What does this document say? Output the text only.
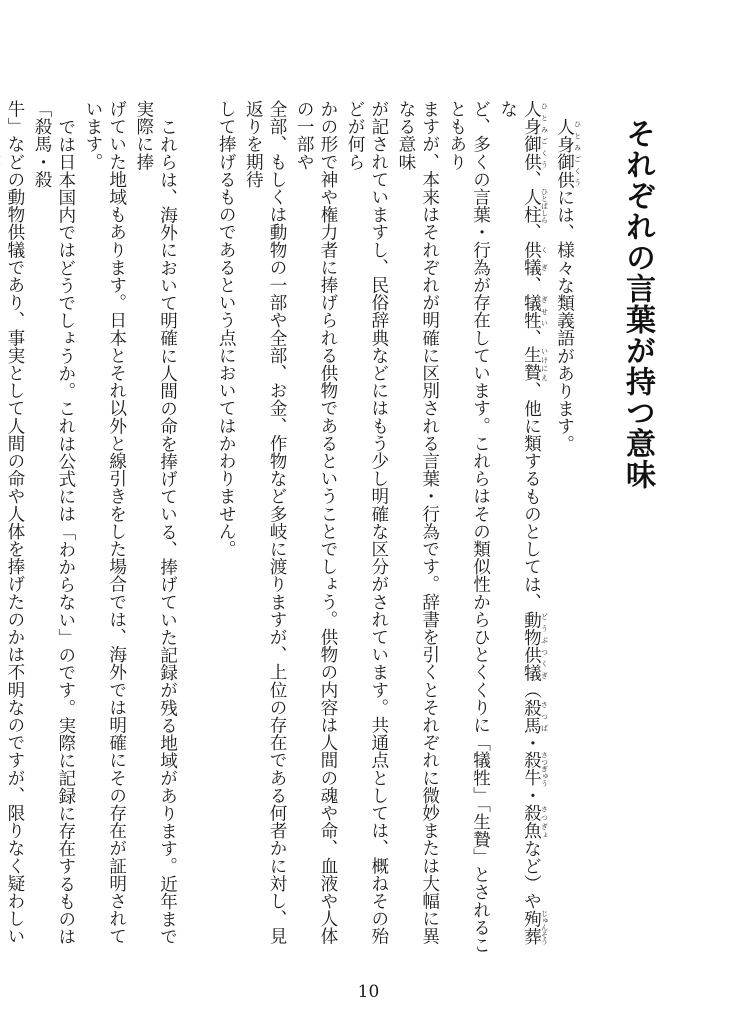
それぞれの言葉が持つ意味
人身御供 ひとみごくうには、様々な類義語があります。
人身御供 ひとみごくう、人柱 ひとばしら、供犠 くぎ、犠牲 ぎせい、生贄 いけにえ、他に類するものとしては、動物供犠 どうぶつくぎ（殺馬 さつば・殺牛 さつぎゅう・殺魚 さつぎょなど）や殉葬 じゅんそうな
ど、多くの言葉・行為が存在しています。これらはその類似性からひとくくりに「犠牲」「生贄」とされることもあり
ますが、本来はそれぞれが明確に区別される言葉・行為です。辞書を引くとそれぞれに微妙または大幅に異なる意味
が記されていますし、民俗辞典などにはもう少し明確な区分がされています。共通点としては、概ねその殆どが何ら
かの形で神や権力者に捧げられる供物であるということでしょう。供物の内容は人間の魂や命、血液や人体の一部や
全部、もしくは動物の一部や全部、お金、作物など多岐に渡りますが、上位の存在である何者かに対し、見返りを期待
して捧げるものであるという点においてはかわりません。
これらは、海外において明確に人間の命を捧げている、捧げていた記録が残る地域があります。近年まで実際に捧
げていた地域もあります。日本とそれ以外と線引きをした場合では、海外では明確にその存在が証明されています。
では日本国内ではどうでしょうか。これは公式には「わからない」のです。実際に記録に存在するものは「殺馬・殺
牛」などの動物供犠であり、事実として人間の命や人体を捧げたのかは不明なのですが、限りなく疑わしい
10
